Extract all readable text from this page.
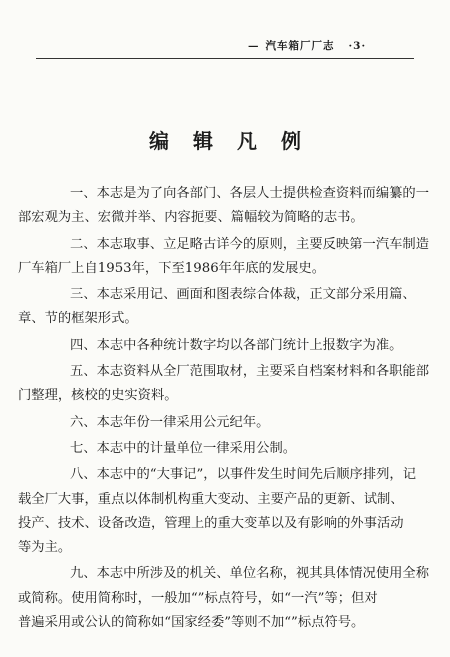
— 汽车箱厂厂志 ·3·
编辑凡例
一、本志是为了向各部门、各层人士提供检查资料而编纂的一
部宏观为主、宏微并举、内容扼要、篇幅较为简略的志书。
二、本志取事、立足略古详今的原则，主要反映第一汽车制造
厂车箱厂上自1953年，下至1986年年底的发展史。
三、本志采用记、画面和图表综合体裁，正文部分采用篇、
章、节的框架形式。
四、本志中各种统计数字均以各部门统计上报数字为准。
五、本志资料从全厂范围取材，主要采自档案材料和各职能部
门整理，核校的史实资料。
六、本志年份一律采用公元纪年。
七、本志中的计量单位一律采用公制。
八、本志中的“大事记”，以事件发生时间先后顺序排列，记
载全厂大事，重点以体制机构重大变动、主要产品的更新、试制、
投产、技术、设备改造，管理上的重大变革以及有影响的外事活动
等为主。
九、本志中所涉及的机关、单位名称，视其具体情况使用全称
或简称。使用简称时，一般加“”标点符号，如“一汽”等；但对
普遍采用或公认的简称如“国家经委”等则不加“”标点符号。
